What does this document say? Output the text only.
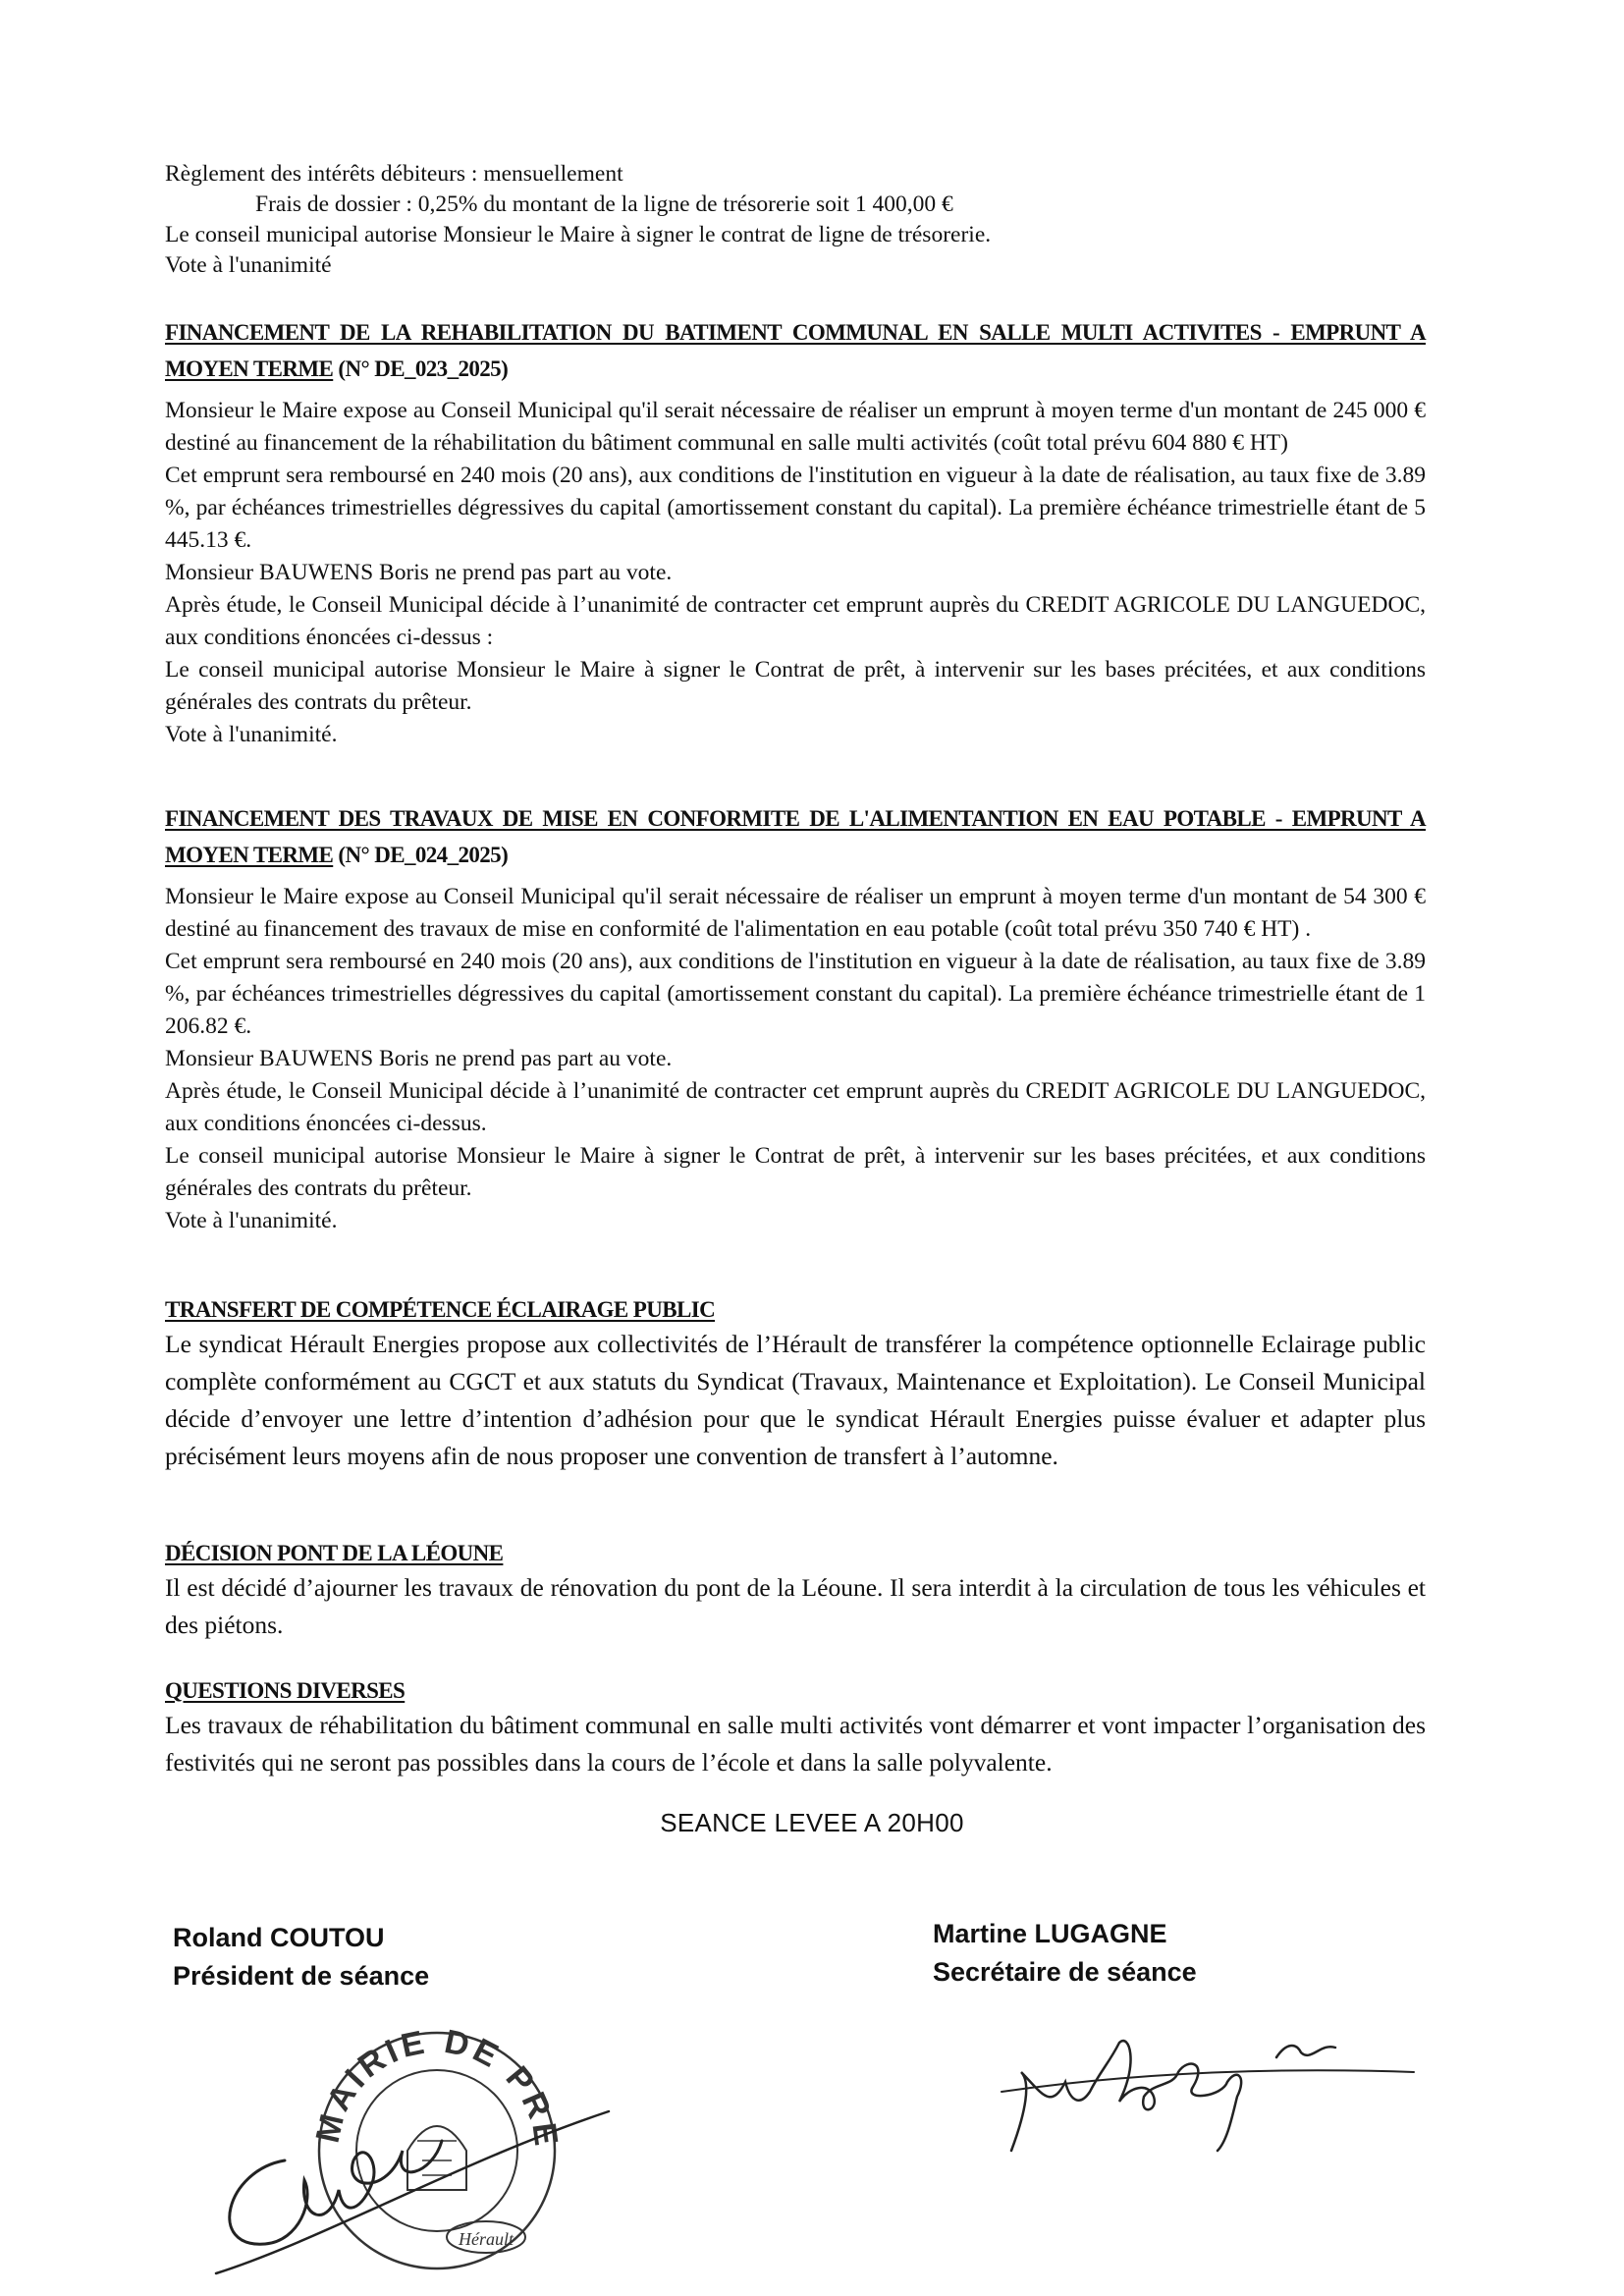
Règlement des intérêts débiteurs : mensuellement
Frais de dossier : 0,25% du montant de la ligne de trésorerie soit 1 400,00 €
Le conseil municipal autorise Monsieur le Maire à signer le contrat de ligne de trésorerie.
Vote à l'unanimité
FINANCEMENT DE LA REHABILITATION DU BATIMENT COMMUNAL EN SALLE MULTI ACTIVITES - EMPRUNT A MOYEN TERME (N° DE_023_2025)
Monsieur le Maire expose au Conseil Municipal qu'il serait nécessaire de réaliser un emprunt à moyen terme d'un montant de 245 000 € destiné au financement de la réhabilitation du bâtiment communal en salle multi activités (coût total prévu 604 880 € HT)
Cet emprunt sera remboursé en 240 mois (20 ans), aux conditions de l'institution en vigueur à la date de réalisation, au taux fixe de 3.89 %, par échéances trimestrielles dégressives du capital (amortissement constant du capital). La première échéance trimestrielle étant de 5 445.13 €.
Monsieur BAUWENS Boris ne prend pas part au vote.
Après étude, le Conseil Municipal décide à l’unanimité de contracter cet emprunt auprès du CREDIT AGRICOLE DU LANGUEDOC, aux conditions énoncées ci-dessus :
Le conseil municipal autorise Monsieur le Maire à signer le Contrat de prêt, à intervenir sur les bases précitées, et aux conditions générales des contrats du prêteur.
Vote à l'unanimité.
FINANCEMENT DES TRAVAUX DE MISE EN CONFORMITE DE L'ALIMENTANTION EN EAU POTABLE - EMPRUNT A MOYEN TERME (N° DE_024_2025)
Monsieur le Maire expose au Conseil Municipal qu'il serait nécessaire de réaliser un emprunt à moyen terme d'un montant de 54 300 € destiné au financement des travaux de mise en conformité de l'alimentation en eau potable (coût total prévu 350 740 € HT) .
Cet emprunt sera remboursé en 240 mois (20 ans), aux conditions de l'institution en vigueur à la date de réalisation, au taux fixe de 3.89 %, par échéances trimestrielles dégressives du capital (amortissement constant du capital). La première échéance trimestrielle étant de 1 206.82 €.
Monsieur BAUWENS Boris ne prend pas part au vote.
Après étude, le Conseil Municipal décide à l’unanimité de contracter cet emprunt auprès du CREDIT AGRICOLE DU LANGUEDOC, aux conditions énoncées ci-dessus.
Le conseil municipal autorise Monsieur le Maire à signer le Contrat de prêt, à intervenir sur les bases précitées, et aux conditions générales des contrats du prêteur.
Vote à l'unanimité.
TRANSFERT DE COMPÉTENCE ÉCLAIRAGE PUBLIC
Le syndicat Hérault Energies propose aux collectivités de l’Hérault de transférer la compétence optionnelle Eclairage public complète conformément au CGCT et aux statuts du Syndicat (Travaux, Maintenance et Exploitation). Le Conseil Municipal décide d’envoyer une lettre d’intention d’adhésion pour que le syndicat Hérault Energies puisse évaluer et adapter plus précisément leurs moyens afin de nous proposer une convention de transfert à l’automne.
DÉCISION PONT DE LA LÉOUNE
Il est décidé d’ajourner les travaux de rénovation du pont de la Léoune. Il sera interdit à la circulation de tous les véhicules et des piétons.
QUESTIONS DIVERSES
Les travaux de réhabilitation du bâtiment communal en salle multi activités vont démarrer et vont impacter l’organisation des festivités qui ne seront pas possibles dans la cours de l’école et dans la salle polyvalente.
SEANCE LEVEE A 20H00
Roland COUTOU
Président de séance
Martine LUGAGNE
Secrétaire de séance
MAIRIE DE PRE
Hérault
